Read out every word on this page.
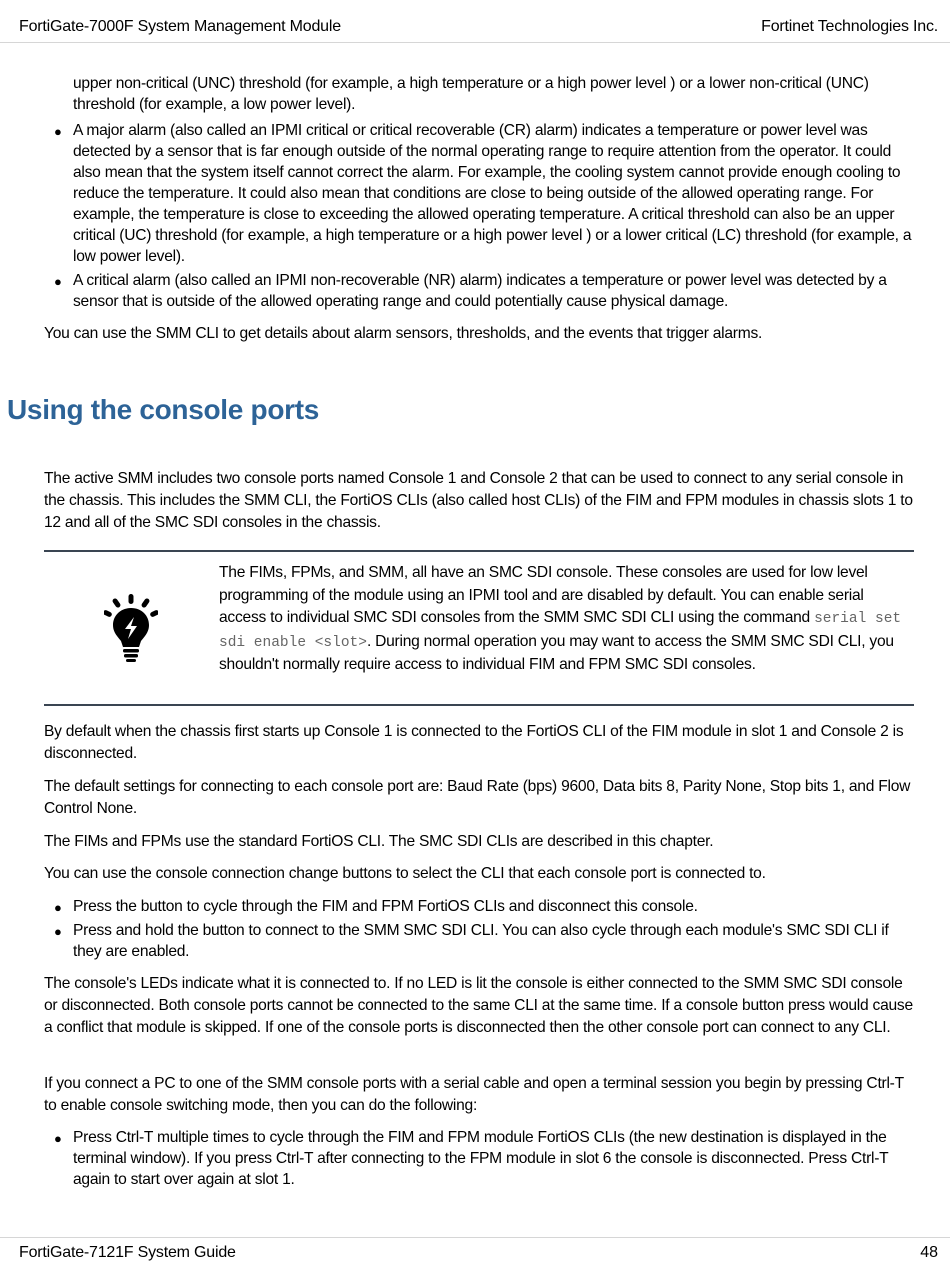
FortiGate-7000F System Management Module	Fortinet Technologies Inc.
upper non-critical (UNC) threshold (for example, a high temperature or a high power level ) or a lower non-critical (UNC) threshold (for example, a low power level).
● A major alarm (also called an IPMI critical or critical recoverable (CR) alarm) indicates a temperature or power level was detected by a sensor that is far enough outside of the normal operating range to require attention from the operator. It could also mean that the system itself cannot correct the alarm. For example, the cooling system cannot provide enough cooling to reduce the temperature. It could also mean that conditions are close to being outside of the allowed operating range. For example, the temperature is close to exceeding the allowed operating temperature. A critical threshold can also be an upper critical (UC) threshold (for example, a high temperature or a high power level ) or a lower critical (LC) threshold (for example, a low power level).
● A critical alarm (also called an IPMI non-recoverable (NR) alarm) indicates a temperature or power level was detected by a sensor that is outside of the allowed operating range and could potentially cause physical damage.
You can use the SMM CLI to get details about alarm sensors, thresholds, and the events that trigger alarms.
Using the console ports
The active SMM includes two console ports named Console 1 and Console 2 that can be used to connect to any serial console in the chassis. This includes the SMM CLI, the FortiOS CLIs (also called host CLIs) of the FIM and FPM modules in chassis slots 1 to 12 and all of the SMC SDI consoles in the chassis.
The FIMs, FPMs, and SMM, all have an SMC SDI console. These consoles are used for low level programming of the module using an IPMI tool and are disabled by default. You can enable serial access to individual SMC SDI consoles from the SMM SMC SDI CLI using the command serial set sdi enable <slot>. During normal operation you may want to access the SMM SMC SDI CLI, you shouldn't normally require access to individual FIM and FPM SMC SDI consoles.
By default when the chassis first starts up Console 1 is connected to the FortiOS CLI of the FIM module in slot 1 and Console 2 is disconnected.
The default settings for connecting to each console port are: Baud Rate (bps) 9600, Data bits 8, Parity None, Stop bits 1, and Flow Control None.
The FIMs and FPMs use the standard FortiOS CLI. The SMC SDI CLIs are described in this chapter.
You can use the console connection change buttons to select the CLI that each console port is connected to.
● Press the button to cycle through the FIM and FPM FortiOS CLIs and disconnect this console.
● Press and hold the button to connect to the SMM SMC SDI CLI. You can also cycle through each module's SMC SDI CLI if they are enabled.
The console's LEDs indicate what it is connected to. If no LED is lit the console is either connected to the SMM SMC SDI console or disconnected. Both console ports cannot be connected to the same CLI at the same time. If a console button press would cause a conflict that module is skipped. If one of the console ports is disconnected then the other console port can connect to any CLI.
If you connect a PC to one of the SMM console ports with a serial cable and open a terminal session you begin by pressing Ctrl-T to enable console switching mode, then you can do the following:
● Press Ctrl-T multiple times to cycle through the FIM and FPM module FortiOS CLIs (the new destination is displayed in the terminal window). If you press Ctrl-T after connecting to the FPM module in slot 6 the console is disconnected. Press Ctrl-T again to start over again at slot 1.
FortiGate-7121F System Guide	48
